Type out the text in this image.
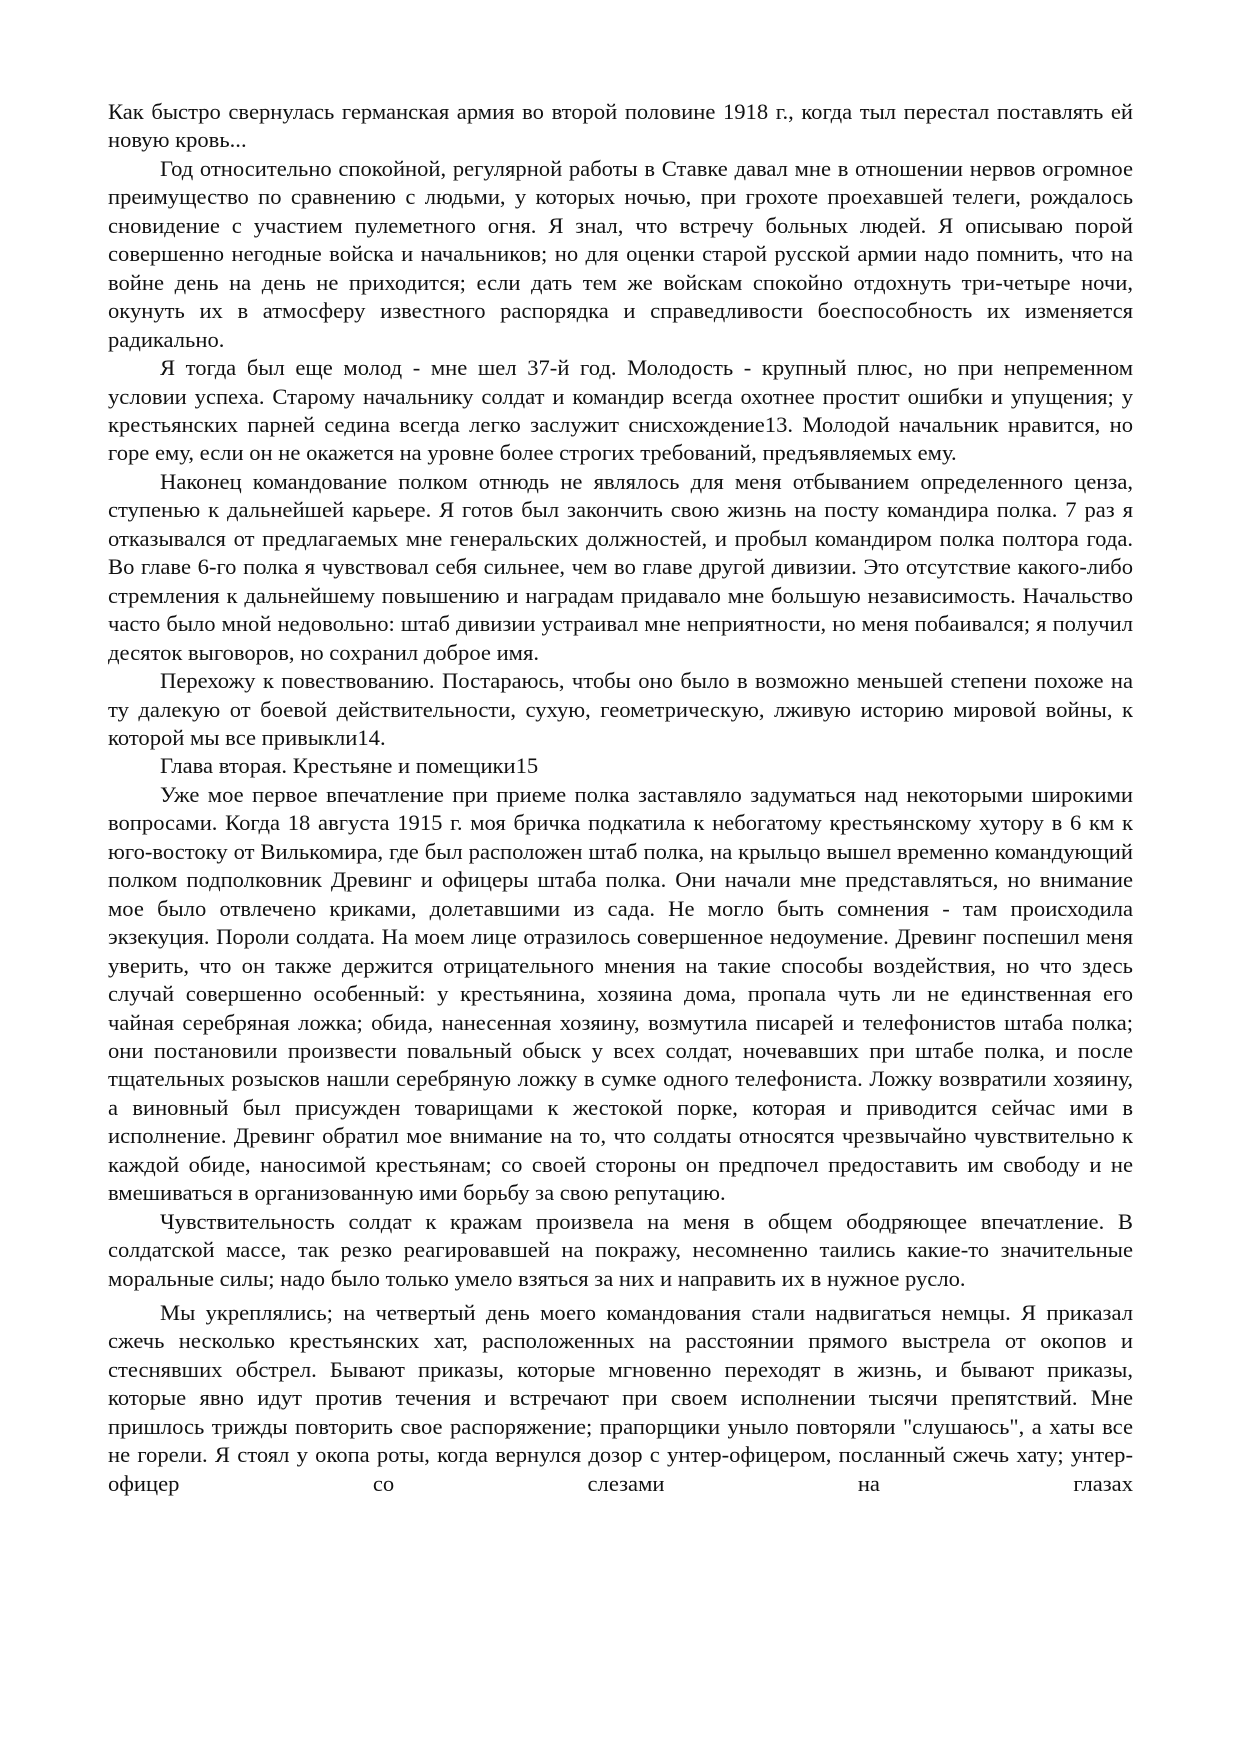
Как быстро свернулась германская армия во второй половине 1918 г., когда тыл перестал поставлять ей новую кровь...

Год относительно спокойной, регулярной работы в Ставке давал мне в отношении нервов огромное преимущество по сравнению с людьми, у которых ночью, при грохоте проехавшей телеги, рождалось сновидение с участием пулеметного огня. Я знал, что встречу больных людей. Я описываю порой совершенно негодные войска и начальников; но для оценки старой русской армии надо помнить, что на войне день на день не приходится; если дать тем же войскам спокойно отдохнуть три-четыре ночи, окунуть их в атмосферу известного распорядка и справедливости боеспособность их изменяется радикально.

Я тогда был еще молод - мне шел 37-й год. Молодость - крупный плюс, но при непременном условии успеха. Старому начальнику солдат и командир всегда охотнее простит ошибки и упущения; у крестьянских парней седина всегда легко заслужит снисхождение13. Молодой начальник нравится, но горе ему, если он не окажется на уровне более строгих требований, предъявляемых ему.

Наконец командование полком отнюдь не являлось для меня отбыванием определенного ценза, ступенью к дальнейшей карьере. Я готов был закончить свою жизнь на посту командира полка. 7 раз я отказывался от предлагаемых мне генеральских должностей, и пробыл командиром полка полтора года. Во главе 6-го полка я чувствовал себя сильнее, чем во главе другой дивизии. Это отсутствие какого-либо стремления к дальнейшему повышению и наградам придавало мне большую независимость. Начальство часто было мной недовольно: штаб дивизии устраивал мне неприятности, но меня побаивался; я получил десяток выговоров, но сохранил доброе имя.

Перехожу к повествованию. Постараюсь, чтобы оно было в возможно меньшей степени похоже на ту далекую от боевой действительности, сухую, геометрическую, лживую историю мировой войны, к которой мы все привыкли14.

Глава вторая. Крестьяне и помещики15

Уже мое первое впечатление при приеме полка заставляло задуматься над некоторыми широкими вопросами. Когда 18 августа 1915 г. моя бричка подкатила к небогатому крестьянскому хутору в 6 км к юго-востоку от Вилькомира, где был расположен штаб полка, на крыльцо вышел временно командующий полком подполковник Древинг и офицеры штаба полка. Они начали мне представляться, но внимание мое было отвлечено криками, долетавшими из сада. Не могло быть сомнения - там происходила экзекуция. Пороли солдата. На моем лице отразилось совершенное недоумение. Древинг поспешил меня уверить, что он также держится отрицательного мнения на такие способы воздействия, но что здесь случай совершенно особенный: у крестьянина, хозяина дома, пропала чуть ли не единственная его чайная серебряная ложка; обида, нанесенная хозяину, возмутила писарей и телефонистов штаба полка; они постановили произвести повальный обыск у всех солдат, ночевавших при штабе полка, и после тщательных розысков нашли серебряную ложку в сумке одного телефониста. Ложку возвратили хозяину, а виновный был присужден товарищами к жестокой порке, которая и приводится сейчас ими в исполнение. Древинг обратил мое внимание на то, что солдаты относятся чрезвычайно чувствительно к каждой обиде, наносимой крестьянам; со своей стороны он предпочел предоставить им свободу и не вмешиваться в организованную ими борьбу за свою репутацию.

Чувствительность солдат к кражам произвела на меня в общем ободряющее впечатление. В солдатской массе, так резко реагировавшей на покражу, несомненно таились какие-то значительные моральные силы; надо было только умело взяться за них и направить их в нужное русло.

Мы укреплялись; на четвертый день моего командования стали надвигаться немцы. Я приказал сжечь несколько крестьянских хат, расположенных на расстоянии прямого выстрела от окопов и стеснявших обстрел. Бывают приказы, которые мгновенно переходят в жизнь, и бывают приказы, которые явно идут против течения и встречают при своем исполнении тысячи препятствий. Мне пришлось трижды повторить свое распоряжение; прапорщики уныло повторяли "слушаюсь", а хаты все не горели. Я стоял у окопа роты, когда вернулся дозор с унтер-офицером, посланный сжечь хату; унтер-офицер со слезами на глазах
